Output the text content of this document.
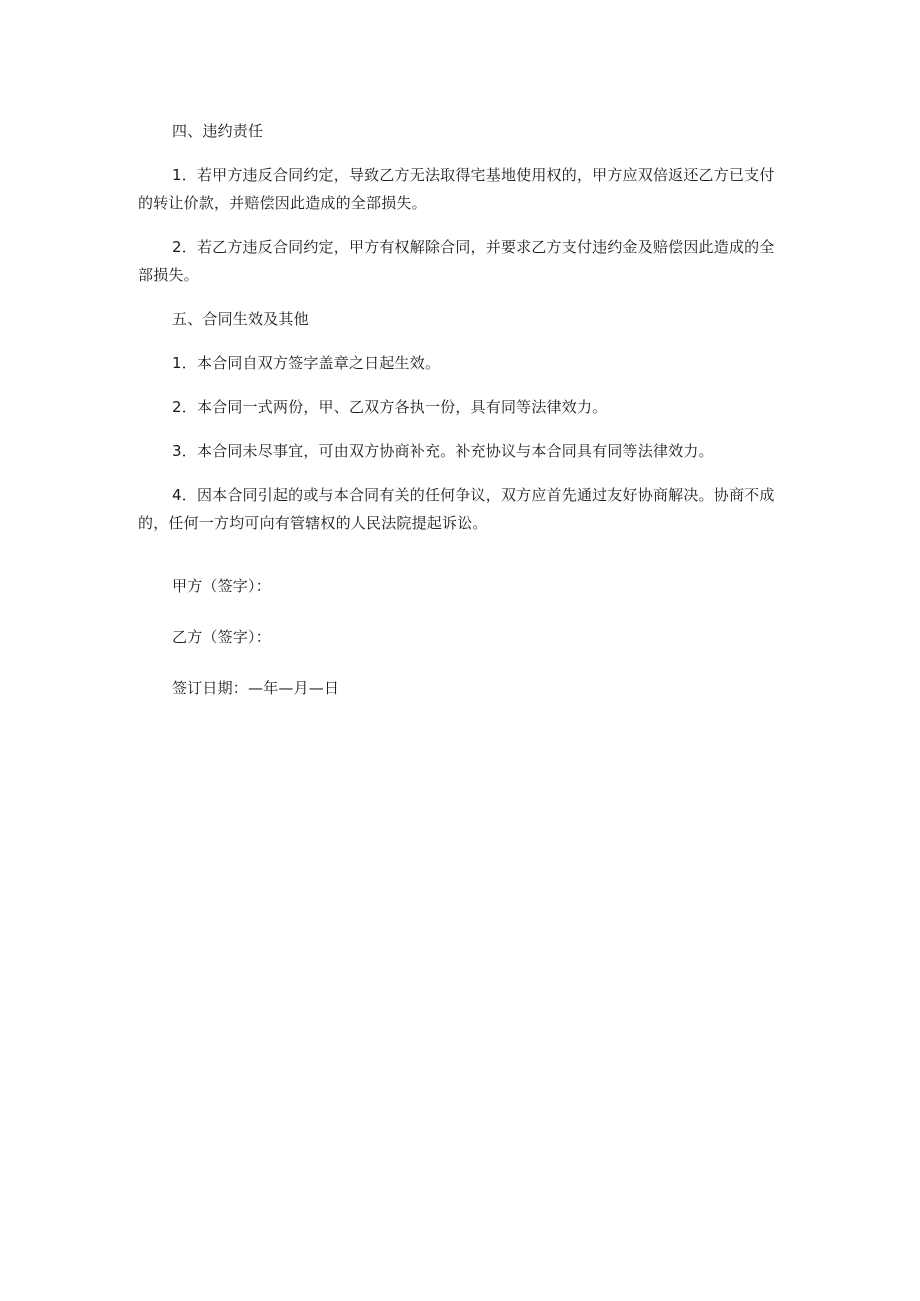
四、违约责任

1．若甲方违反合同约定，导致乙方无法取得宅基地使用权的，甲方应双倍返还乙方已支付的转让价款，并赔偿因此造成的全部损失。

2．若乙方违反合同约定，甲方有权解除合同，并要求乙方支付违约金及赔偿因此造成的全部损失。

五、合同生效及其他

1．本合同自双方签字盖章之日起生效。

2．本合同一式两份，甲、乙双方各执一份，具有同等法律效力。

3．本合同未尽事宜，可由双方协商补充。补充协议与本合同具有同等法律效力。

4．因本合同引起的或与本合同有关的任何争议，双方应首先通过友好协商解决。协商不成的，任何一方均可向有管辖权的人民法院提起诉讼。

甲方（签字）：

乙方（签字）：

签订日期：—年—月—日
